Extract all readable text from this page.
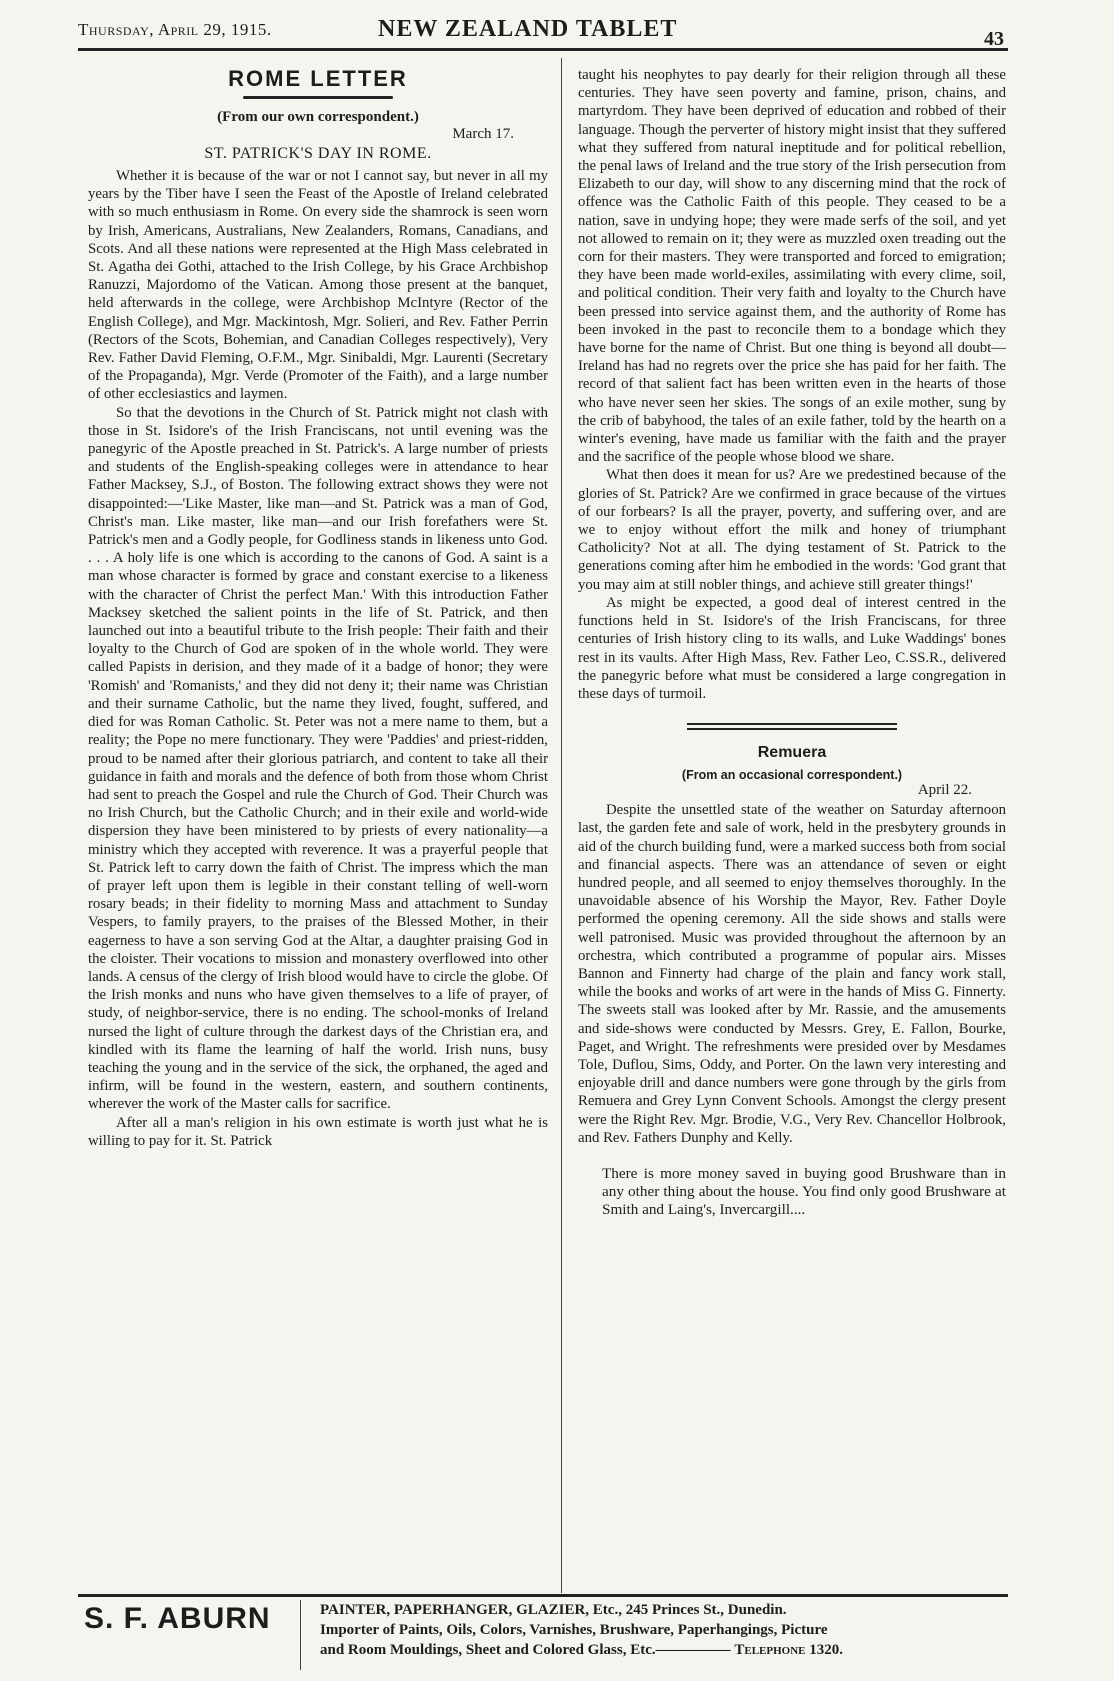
Thursday, April 29, 1915.	NEW ZEALAND TABLET	43
ROME LETTER

(From our own correspondent.)

March 17.

ST. PATRICK'S DAY IN ROME.

Whether it is because of the war or not I cannot say, but never in all my years by the Tiber have I seen the Feast of the Apostle of Ireland celebrated with so much enthusiasm in Rome. On every side the shamrock is seen worn by Irish, Americans, Australians, New Zealanders, Romans, Canadians, and Scots. And all these nations were represented at the High Mass celebrated in St. Agatha dei Gothi, attached to the Irish College, by his Grace Archbishop Ranuzzi, Majordomo of the Vatican. Among those present at the banquet, held afterwards in the college, were Archbishop McIntyre (Rector of the English College), and Mgr. Mackintosh, Mgr. Solieri, and Rev. Father Perrin (Rectors of the Scots, Bohemian, and Canadian Colleges respectively), Very Rev. Father David Fleming, O.F.M., Mgr. Sinibaldi, Mgr. Laurenti (Secretary of the Propaganda), Mgr. Verde (Promoter of the Faith), and a large number of other ecclesiastics and laymen.

So that the devotions in the Church of St. Patrick might not clash with those in St. Isidore's of the Irish Franciscans, not until evening was the panegyric of the Apostle preached in St. Patrick's. A large number of priests and students of the English-speaking colleges were in attendance to hear Father Macksey, S.J., of Boston. The following extract shows they were not disappointed:—'Like Master, like man—and St. Patrick was a man of God, Christ's man. Like master, like man—and our Irish forefathers were St. Patrick's men and a Godly people, for Godliness stands in likeness unto God. . . . A holy life is one which is according to the canons of God. A saint is a man whose character is formed by grace and constant exercise to a likeness with the character of Christ the perfect Man.' With this introduction Father Macksey sketched the salient points in the life of St. Patrick, and then launched out into a beautiful tribute to the Irish people: Their faith and their loyalty to the Church of God are spoken of in the whole world. They were called Papists in derision, and they made of it a badge of honor; they were 'Romish' and 'Romanists,' and they did not deny it; their name was Christian and their surname Catholic, but the name they lived, fought, suffered, and died for was Roman Catholic. St. Peter was not a mere name to them, but a reality; the Pope no mere functionary. They were 'Paddies' and priest-ridden, proud to be named after their glorious patriarch, and content to take all their guidance in faith and morals and the defence of both from those whom Christ had sent to preach the Gospel and rule the Church of God. Their Church was no Irish Church, but the Catholic Church; and in their exile and world-wide dispersion they have been ministered to by priests of every nationality—a ministry which they accepted with reverence. It was a prayerful people that St. Patrick left to carry down the faith of Christ. The impress which the man of prayer left upon them is legible in their constant telling of well-worn rosary beads; in their fidelity to morning Mass and attachment to Sunday Vespers, to family prayers, to the praises of the Blessed Mother, in their eagerness to have a son serving God at the Altar, a daughter praising God in the cloister. Their vocations to mission and monastery overflowed into other lands. A census of the clergy of Irish blood would have to circle the globe. Of the Irish monks and nuns who have given themselves to a life of prayer, of study, of neighbor-service, there is no ending. The school-monks of Ireland nursed the light of culture through the darkest days of the Christian era, and kindled with its flame the learning of half the world. Irish nuns, busy teaching the young and in the service of the sick, the orphaned, the aged and infirm, will be found in the western, eastern, and southern continents, wherever the work of the Master calls for sacrifice.

After all a man's religion in his own estimate is worth just what he is willing to pay for it. St. Patrick

taught his neophytes to pay dearly for their religion through all these centuries. They have seen poverty and famine, prison, chains, and martyrdom. They have been deprived of education and robbed of their language. Though the perverter of history might insist that they suffered what they suffered from natural ineptitude and for political rebellion, the penal laws of Ireland and the true story of the Irish persecution from Elizabeth to our day, will show to any discerning mind that the rock of offence was the Catholic Faith of this people. They ceased to be a nation, save in undying hope; they were made serfs of the soil, and yet not allowed to remain on it; they were as muzzled oxen treading out the corn for their masters. They were transported and forced to emigration; they have been made world-exiles, assimilating with every clime, soil, and political condition. Their very faith and loyalty to the Church have been pressed into service against them, and the authority of Rome has been invoked in the past to reconcile them to a bondage which they have borne for the name of Christ. But one thing is beyond all doubt—Ireland has had no regrets over the price she has paid for her faith. The record of that salient fact has been written even in the hearts of those who have never seen her skies. The songs of an exile mother, sung by the crib of babyhood, the tales of an exile father, told by the hearth on a winter's evening, have made us familiar with the faith and the prayer and the sacrifice of the people whose blood we share.

What then does it mean for us? Are we predestined because of the glories of St. Patrick? Are we confirmed in grace because of the virtues of our forbears? Is all the prayer, poverty, and suffering over, and are we to enjoy without effort the milk and honey of triumphant Catholicity? Not at all. The dying testament of St. Patrick to the generations coming after him he embodied in the words: 'God grant that you may aim at still nobler things, and achieve still greater things!'

As might be expected, a good deal of interest centred in the functions held in St. Isidore's of the Irish Franciscans, for three centuries of Irish history cling to its walls, and Luke Waddings' bones rest in its vaults. After High Mass, Rev. Father Leo, C.SS.R., delivered the panegyric before what must be considered a large congregation in these days of turmoil.

Remuera

(From an occasional correspondent.)

April 22.

Despite the unsettled state of the weather on Saturday afternoon last, the garden fete and sale of work, held in the presbytery grounds in aid of the church building fund, were a marked success both from social and financial aspects. There was an attendance of seven or eight hundred people, and all seemed to enjoy themselves thoroughly. In the unavoidable absence of his Worship the Mayor, Rev. Father Doyle performed the opening ceremony. All the side shows and stalls were well patronised. Music was provided throughout the afternoon by an orchestra, which contributed a programme of popular airs. Misses Bannon and Finnerty had charge of the plain and fancy work stall, while the books and works of art were in the hands of Miss G. Finnerty. The sweets stall was looked after by Mr. Rassie, and the amusements and side-shows were conducted by Messrs. Grey, E. Fallon, Bourke, Paget, and Wright. The refreshments were presided over by Mesdames Tole, Duflou, Sims, Oddy, and Porter. On the lawn very interesting and enjoyable drill and dance numbers were gone through by the girls from Remuera and Grey Lynn Convent Schools. Amongst the clergy present were the Right Rev. Mgr. Brodie, V.G., Very Rev. Chancellor Holbrook, and Rev. Fathers Dunphy and Kelly.

There is more money saved in buying good Brushware than in any other thing about the house. You find only good Brushware at Smith and Laing's, Invercargill....

S. F. ABURN	PAINTER, PAPERHANGER, GLAZIER, Etc., 245 Princes St., Dunedin.
Importer of Paints, Oils, Colors, Varnishes, Brushware, Paperhangings, Picture
and Room Mouldings, Sheet and Colored Glass, Etc.————— Telephone 1320.
